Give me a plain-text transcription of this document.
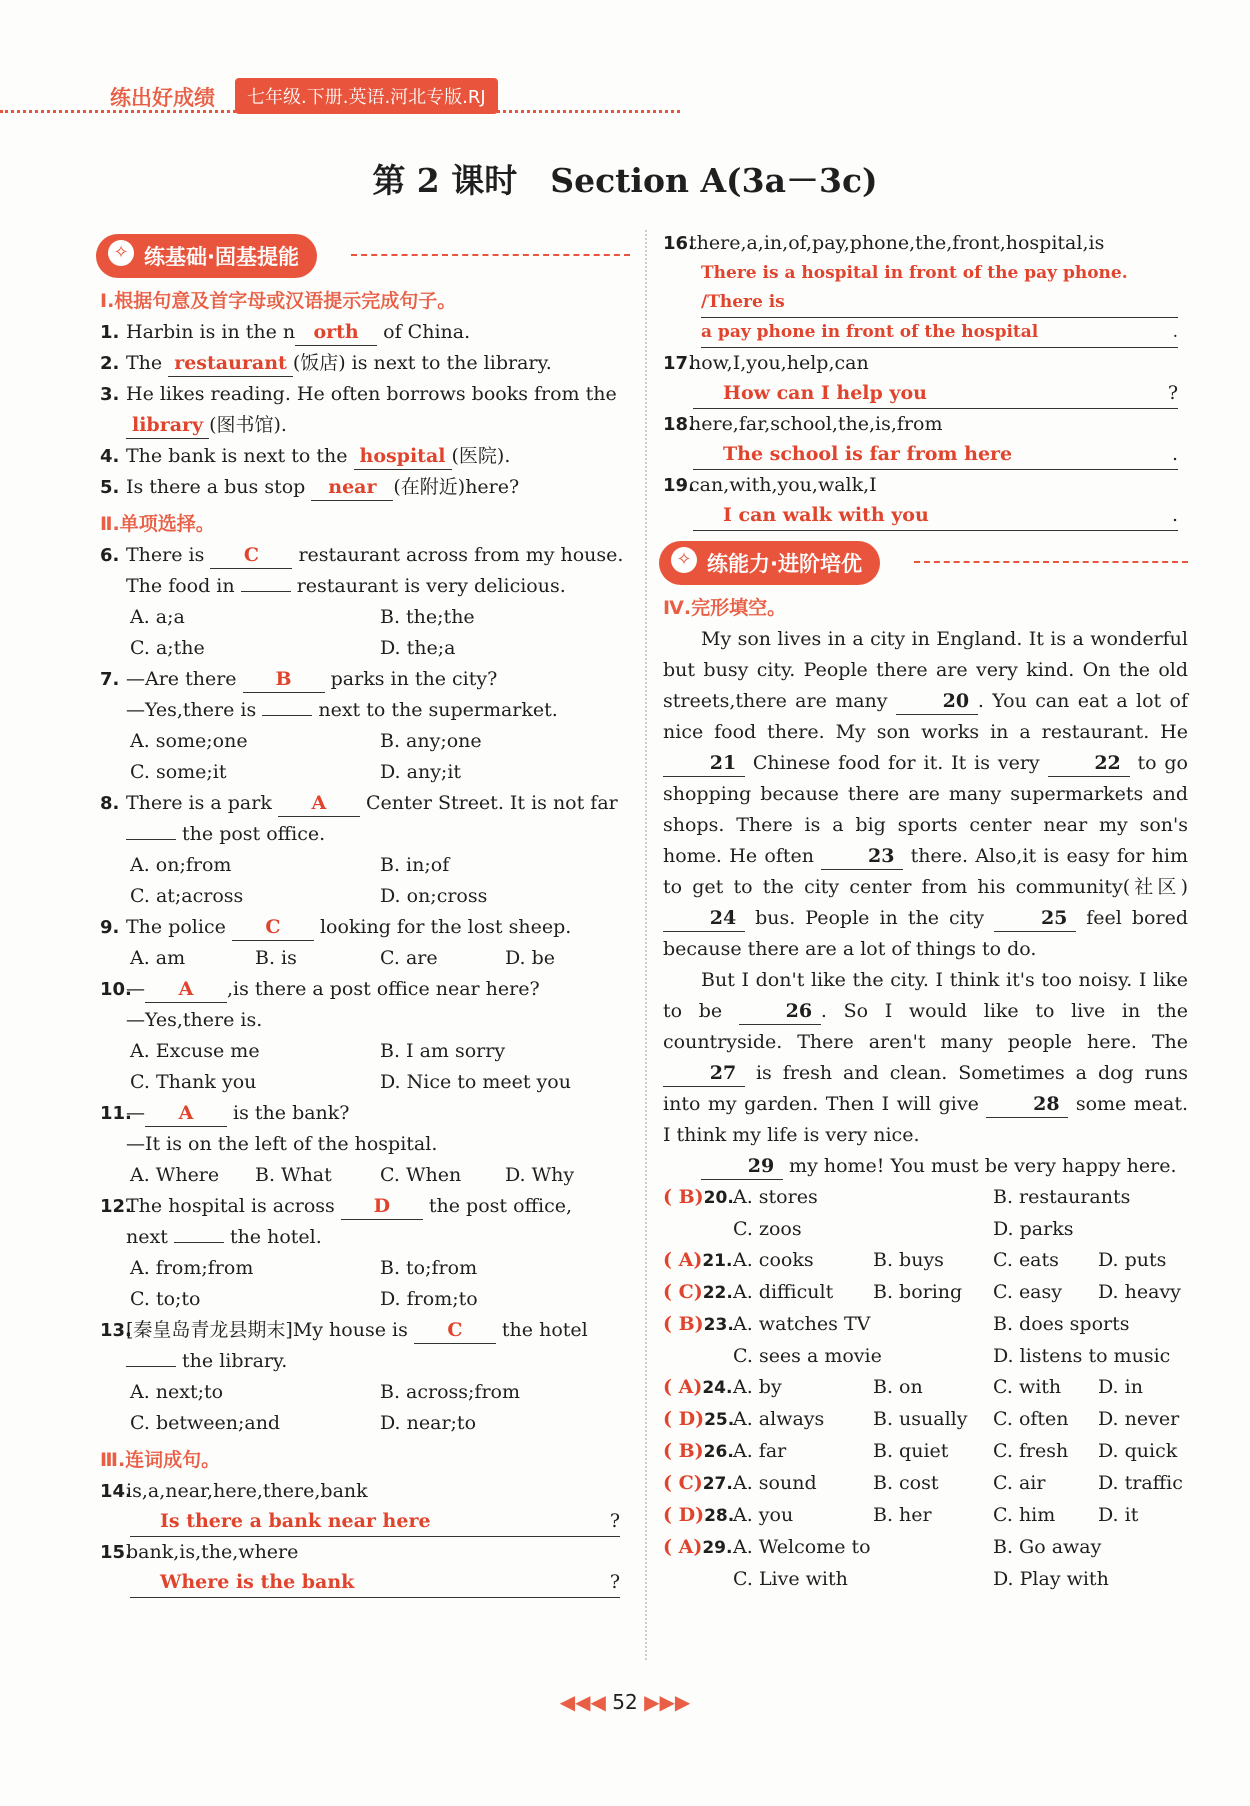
练出好成绩	七年级.下册.英语.河北专版.RJ
第 2 课时　Section A(3a－3c)
练基础·固基提能
✧
Ⅰ.根据句意及首字母或汉语提示完成句子。
1. Harbin is in the n orth of China.
2. The restaurant (饭店) is next to the library.
3. He likes reading. He often borrows books from the library (图书馆).
4. The bank is next to the hospital (医院).
5. Is there a bus stop near (在附近)here?
Ⅱ.单项选择。
6. There is C restaurant across from my house. The food in	restaurant is very delicious.
A. a;a	B. the;the
C. a;the	D. the;a
7. —Are there B parks in the city?
—Yes,there is	next to the supermarket.
A. some;one	B. any;one
C. some;it	D. any;it
8. There is a park A Center Street. It is not far
the post office.
A. on;from	B. in;of
C. at;across	D. on;cross
9. The police C looking for the lost sheep.
A. am	B. is	C. are	D. be
10.
— A ,is there a post office near here?
—Yes,there is.
A. Excuse me	B. I am sorry
C. Thank you	D. Nice to meet you
11.
— A is the bank?
—It is on the left of the hospital.
A. Where	B. What	C. When	D. Why
12.
The hospital is across D the post office,
next	the hotel.
A. from;from	B. to;from
C. to;to	D. from;to
13.
[秦皇岛青龙县期末]My house is C the hotel  the library.
A. next;to	B. across;from
C. between;and	D. near;to
Ⅲ.连词成句。
14.
is,a,near,here,there,bank
Is there a bank near here	?
15.
bank,is,the,where
Where is the bank	?
16.
there,a,in,of,pay,phone,the,front,hospital,is
There is a hospital in front of the pay phone. /There is
a pay phone in front of the hospital	.
17.
how,I,you,help,can
How can I help you	?
18.
here,far,school,the,is,from
The school is far from here	.
19.
can,with,you,walk,I
I can walk with you	.
练能力·进阶培优
✧
Ⅳ.完形填空。
My son lives in a city in England. It is a wonderful but busy city. People there are very kind. On the old streets,there are many	20 . You can eat a lot of nice food there. My son works in a restaurant. He 21 Chinese food for it. It is very	22 to go shopping because there are many supermarkets and shops. There is a big sports center near my son's home. He often	23 there. Also,it is easy for him to get to the city center from his community(社区) 24 bus. People in the city	25 feel bored because there are a lot of things to do.
But I don't like the city. I think it's too noisy. I like to be	26 . So I would like to live in the countryside. There aren't many people here. The 27 is fresh and clean. Sometimes a dog runs into my garden. Then I will give	28 some meat. I think my life is very nice.
29 my home! You must be very happy here.
( B)20. A. stores	B. restaurants
C. zoos	D. parks
( A)21. A. cooks	B. buys	C. eats	D. puts
( C)22. A. difficult	B. boring	C. easy	D. heavy
( B)23. A. watches TV	B. does sports
C. sees a movie	D. listens to music
( A)24. A. by	B. on	C. with	D. in
( D)25.
A. always	B. usually	C. often	D. never
( B)26. A. far	B. quiet	C. fresh	D. quick
( C)27. A. sound	B. cost	C. air	D. traffic
( D)28.
A. you	B. her	C. him	D. it
( A)29. A. Welcome to	B. Go away
C. Live with	D. Play with
◀◀◀ 52 ▶▶▶
